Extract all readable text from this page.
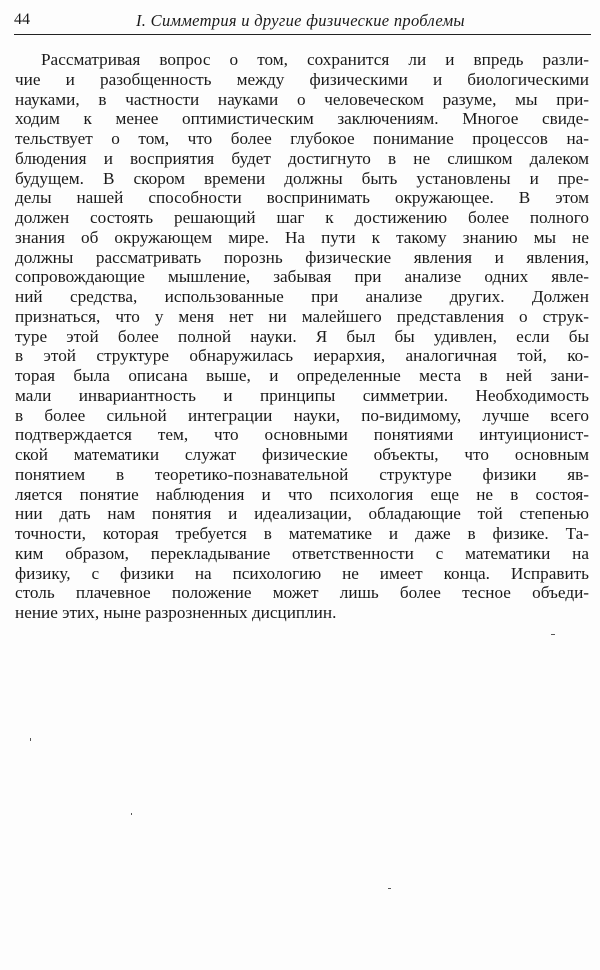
44	I. Симметрия и другие физические проблемы
Рассматривая вопрос о том, сохранится ли и впредь разли-
чие и разобщенность между физическими и биологическими
науками, в частности науками о человеческом разуме, мы при-
ходим к менее оптимистическим заключениям. Многое свиде-
тельствует о том, что более глубокое понимание процессов на-
блюдения и восприятия будет достигнуто в не слишком далеком
будущем. В скором времени должны быть установлены и пре-
делы нашей способности воспринимать окружающее. В этом
должен состоять решающий шаг к достижению более полного
знания об окружающем мире. На пути к такому знанию мы не
должны рассматривать порознь физические явления и явления,
сопровождающие мышление, забывая при анализе одних явле-
ний средства, использованные при анализе других. Должен
признаться, что у меня нет ни малейшего представления о струк-
туре этой более полной науки. Я был бы удивлен, если бы
в этой структуре обнаружилась иерархия, аналогичная той, ко-
торая была описана выше, и определенные места в ней зани-
мали инвариантность и принципы симметрии. Необходимость
в более сильной интеграции науки, по-видимому, лучше всего
подтверждается тем, что основными понятиями интуиционист-
ской математики служат физические объекты, что основным
понятием в теоретико-познавательной структуре физики яв-
ляется понятие наблюдения и что психология еще не в состоя-
нии дать нам понятия и идеализации, обладающие той степенью
точности, которая требуется в математике и даже в физике. Та-
ким образом, перекладывание ответственности с математики на
физику, с физики на психологию не имеет конца. Исправить
столь плачевное положение может лишь более тесное объеди-
нение этих, ныне разрозненных дисциплин.
